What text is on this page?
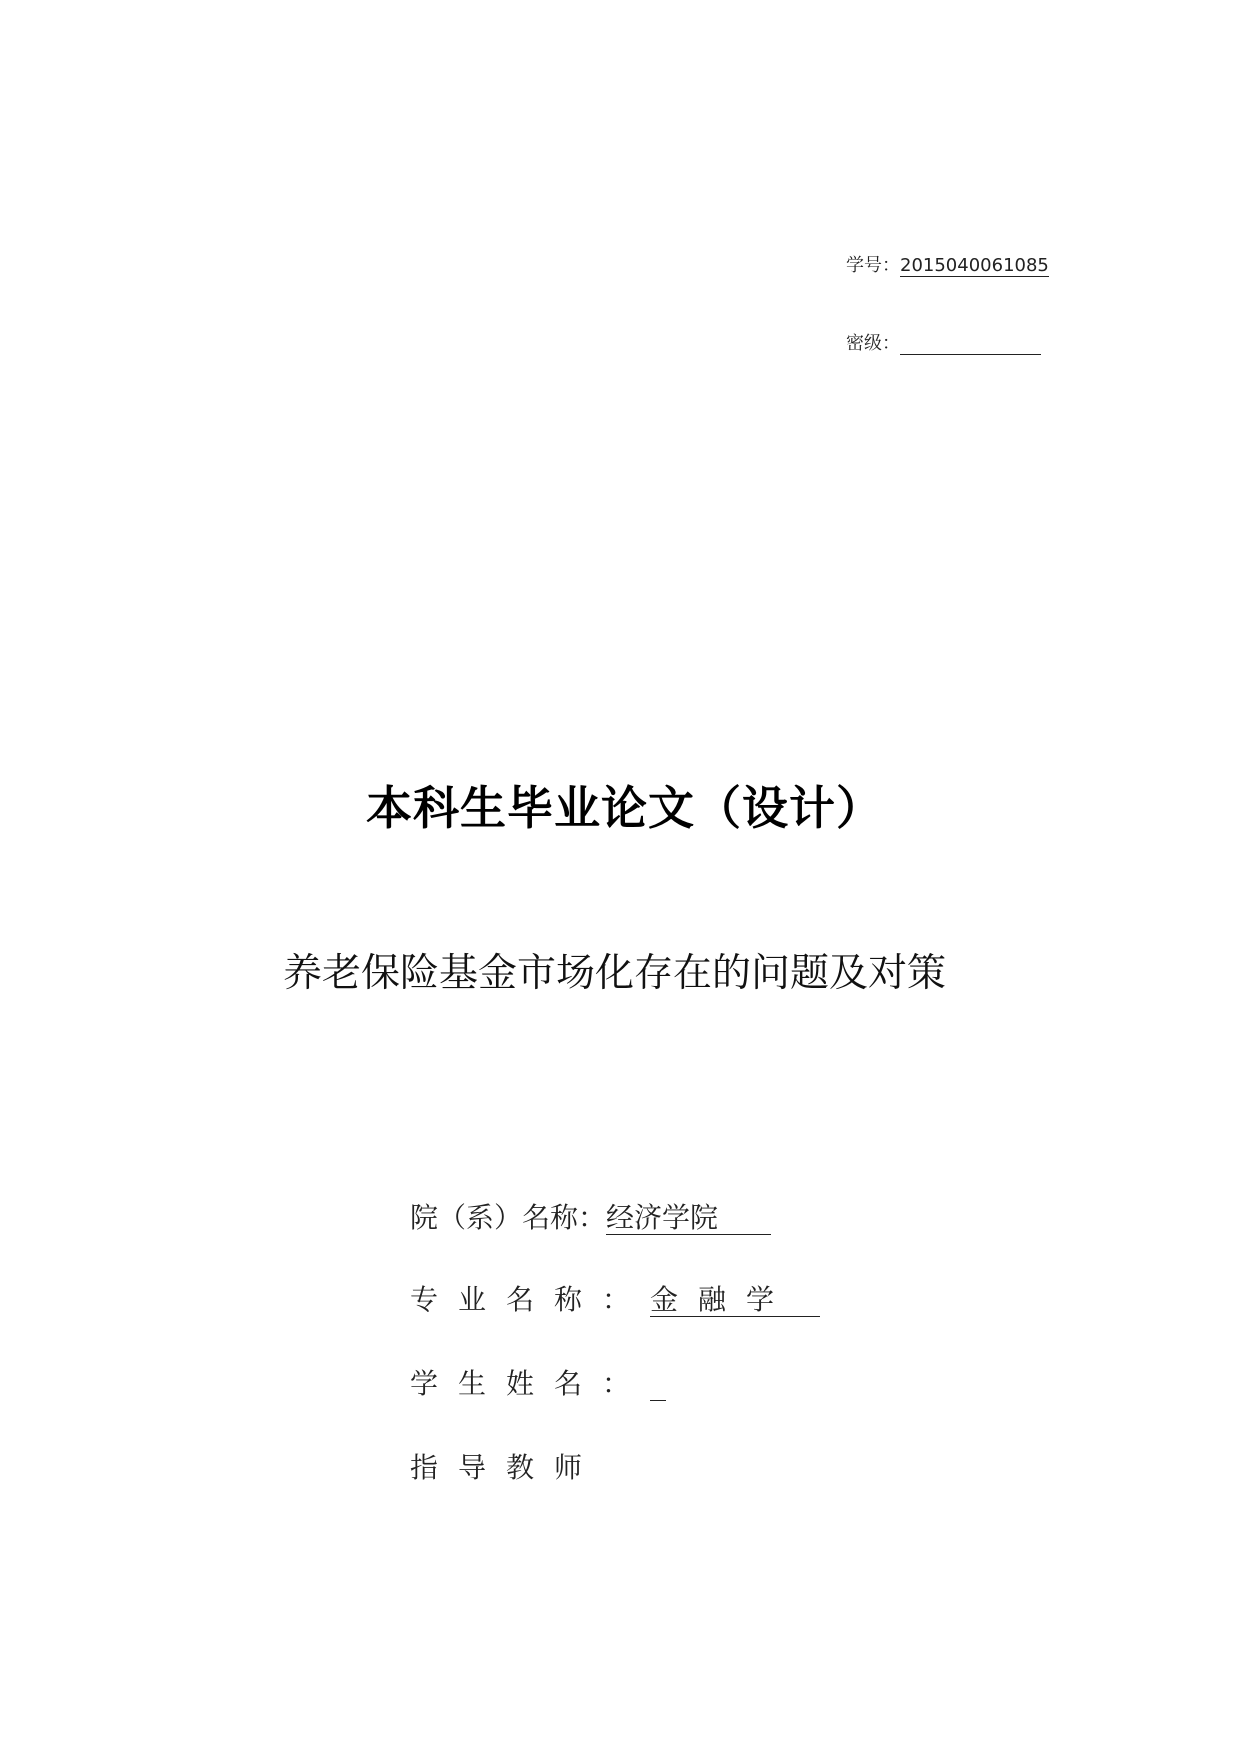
学号：2015040061085
密级：
本科生毕业论文（设计）
养老保险基金市场化存在的问题及对策
院（系）名称：经济学院
专业名称：金融学
学生姓名：
指导教师
